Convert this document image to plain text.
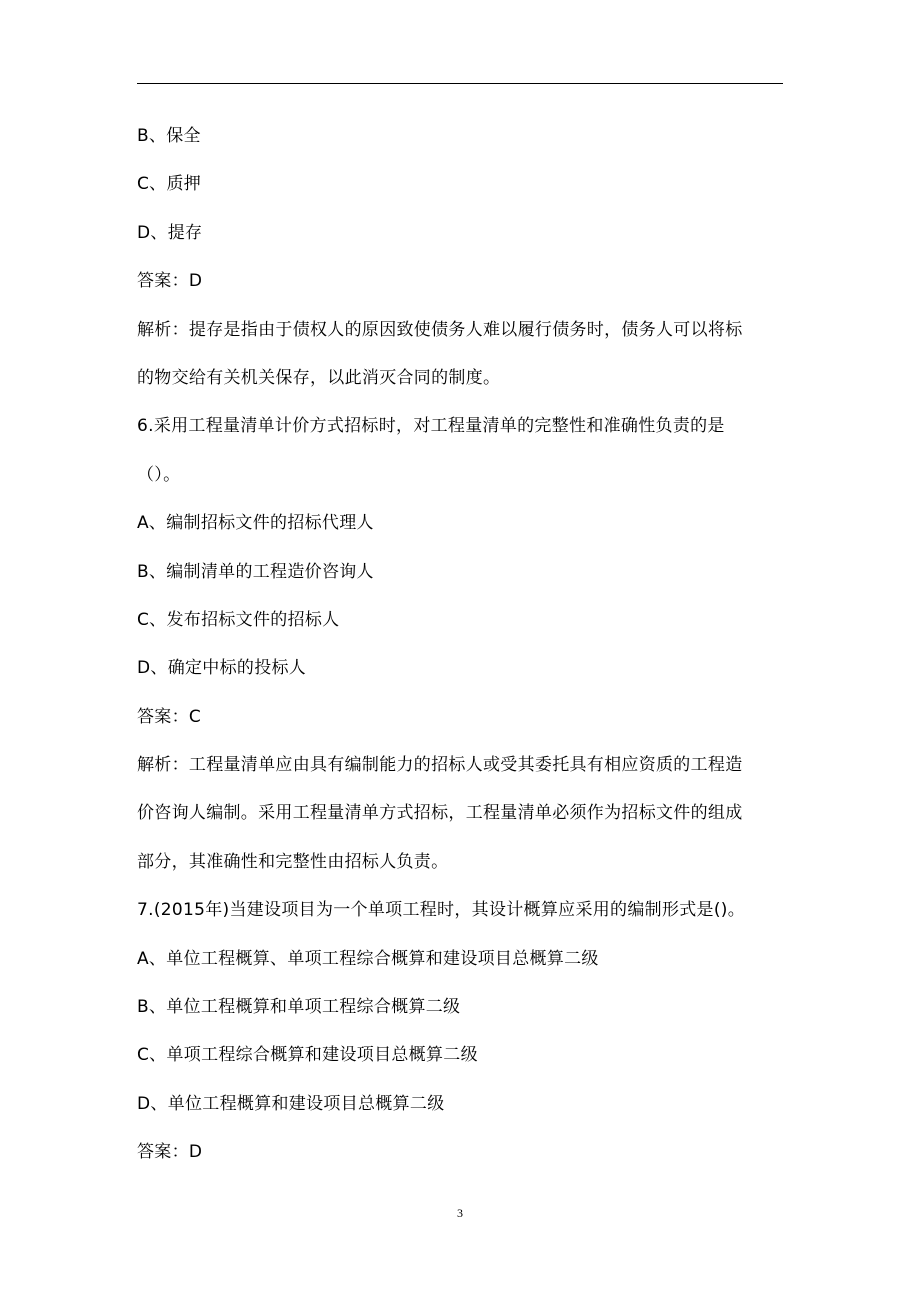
B、保全
C、质押
D、提存
答案：D
解析：提存是指由于债权人的原因致使债务人难以履行债务时，债务人可以将标
的物交给有关机关保存，以此消灭合同的制度。
6.采用工程量清单计价方式招标时，对工程量清单的完整性和准确性负责的是
（）。
A、编制招标文件的招标代理人
B、编制清单的工程造价咨询人
C、发布招标文件的招标人
D、确定中标的投标人
答案：C
解析：工程量清单应由具有编制能力的招标人或受其委托具有相应资质的工程造
价咨询人编制。采用工程量清单方式招标，工程量清单必须作为招标文件的组成
部分，其准确性和完整性由招标人负责。
7.(2015年)当建设项目为一个单项工程时，其设计概算应采用的编制形式是()。
A、单位工程概算、单项工程综合概算和建设项目总概算二级
B、单位工程概算和单项工程综合概算二级
C、单项工程综合概算和建设项目总概算二级
D、单位工程概算和建设项目总概算二级
答案：D
3
